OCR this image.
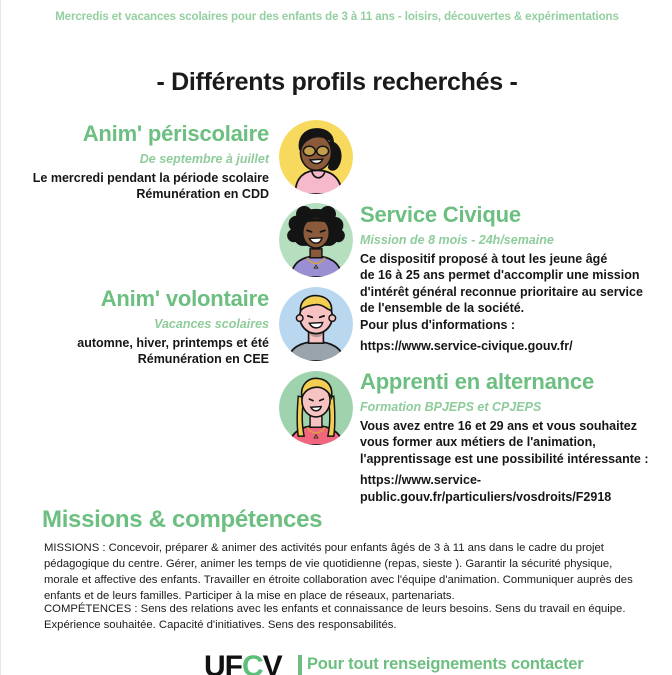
Mercredis et vacances scolaires pour des enfants de 3 à 11 ans - loisirs, découvertes & expérimentations
- Différents profils recherchés -
Anim' périscolaire
De septembre à juillet
Le mercredi pendant la période scolaire
Rémunération en CDD
Service Civique
Mission de 8 mois - 24h/semaine
Ce dispositif proposé à tout les jeune âgé
de 16 à 25 ans permet d'accomplir une mission
d'intérêt général reconnue prioritaire au service
de l'ensemble de la société.
Pour plus d'informations :
https://www.service-civique.gouv.fr/
Anim' volontaire
Vacances scolaires
automne, hiver, printemps et été
Rémunération en CEE
Apprenti en alternance
Formation BPJEPS et CPJEPS
Vous avez entre 16 et 29 ans et vous souhaitez
vous former aux métiers de l'animation,
l'apprentissage est une possibilité intéressante :
https://www.service-public.gouv.fr/particuliers/vosdroits/F2918
Missions & compétences
MISSIONS : Concevoir, préparer & animer des activités pour enfants âgés de 3 à 11 ans dans le cadre du projet pédagogique du centre. Gérer, animer les temps de vie quotidienne (repas, sieste ). Garantir la sécurité physique, morale et affective des enfants. Travailler en étroite collaboration avec l'équipe d'animation. Communiquer auprès des enfants et de leurs familles. Participer à la mise en place de réseaux, partenariats.
COMPÉTENCES : Sens des relations avec les enfants et connaissance de leurs besoins. Sens du travail en équipe. Expérience souhaitée. Capacité d'initiatives. Sens des responsabilités.
UFCV Pour tout renseignements contacter
